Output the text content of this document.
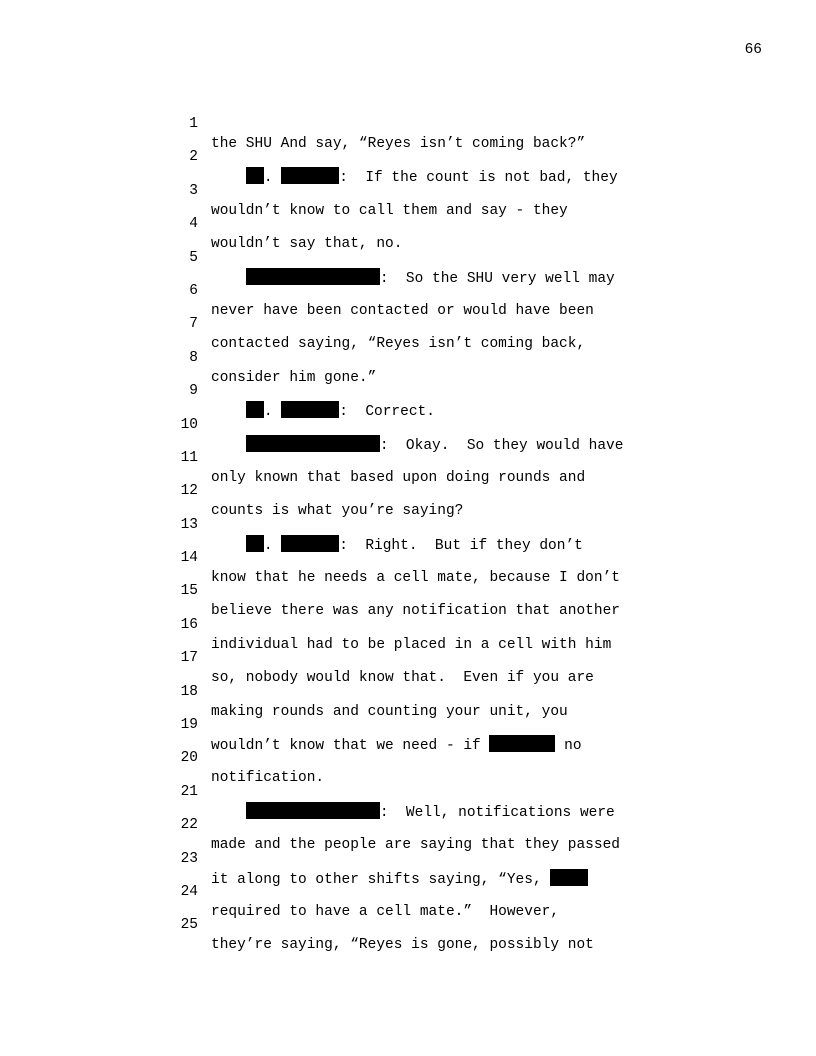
66

1

the SHU And say, “Reyes isn’t coming back?”

2

.	:  If the count is not bad, they

3

wouldn’t know to call them and say - they

4

wouldn’t say that, no.

5

:  So the SHU very well may

6

never have been contacted or would have been

7

contacted saying, “Reyes isn’t coming back,

8

consider him gone.”

9

.	:  Correct.

10

:  Okay.  So they would have

11

only known that based upon doing rounds and

12

counts is what you’re saying?

13

.	:  Right.  But if they don’t

14

know that he needs a cell mate, because I don’t

15

believe there was any notification that another

16

individual had to be placed in a cell with him

17

so, nobody would know that.  Even if you are

18

making rounds and counting your unit, you

19

wouldn’t know that we need - if	no

20

notification.

21

:  Well, notifications were

22

made and the people are saying that they passed

23

it along to other shifts saying, “Yes,

24

required to have a cell mate.”  However,

25

they’re saying, “Reyes is gone, possibly not
